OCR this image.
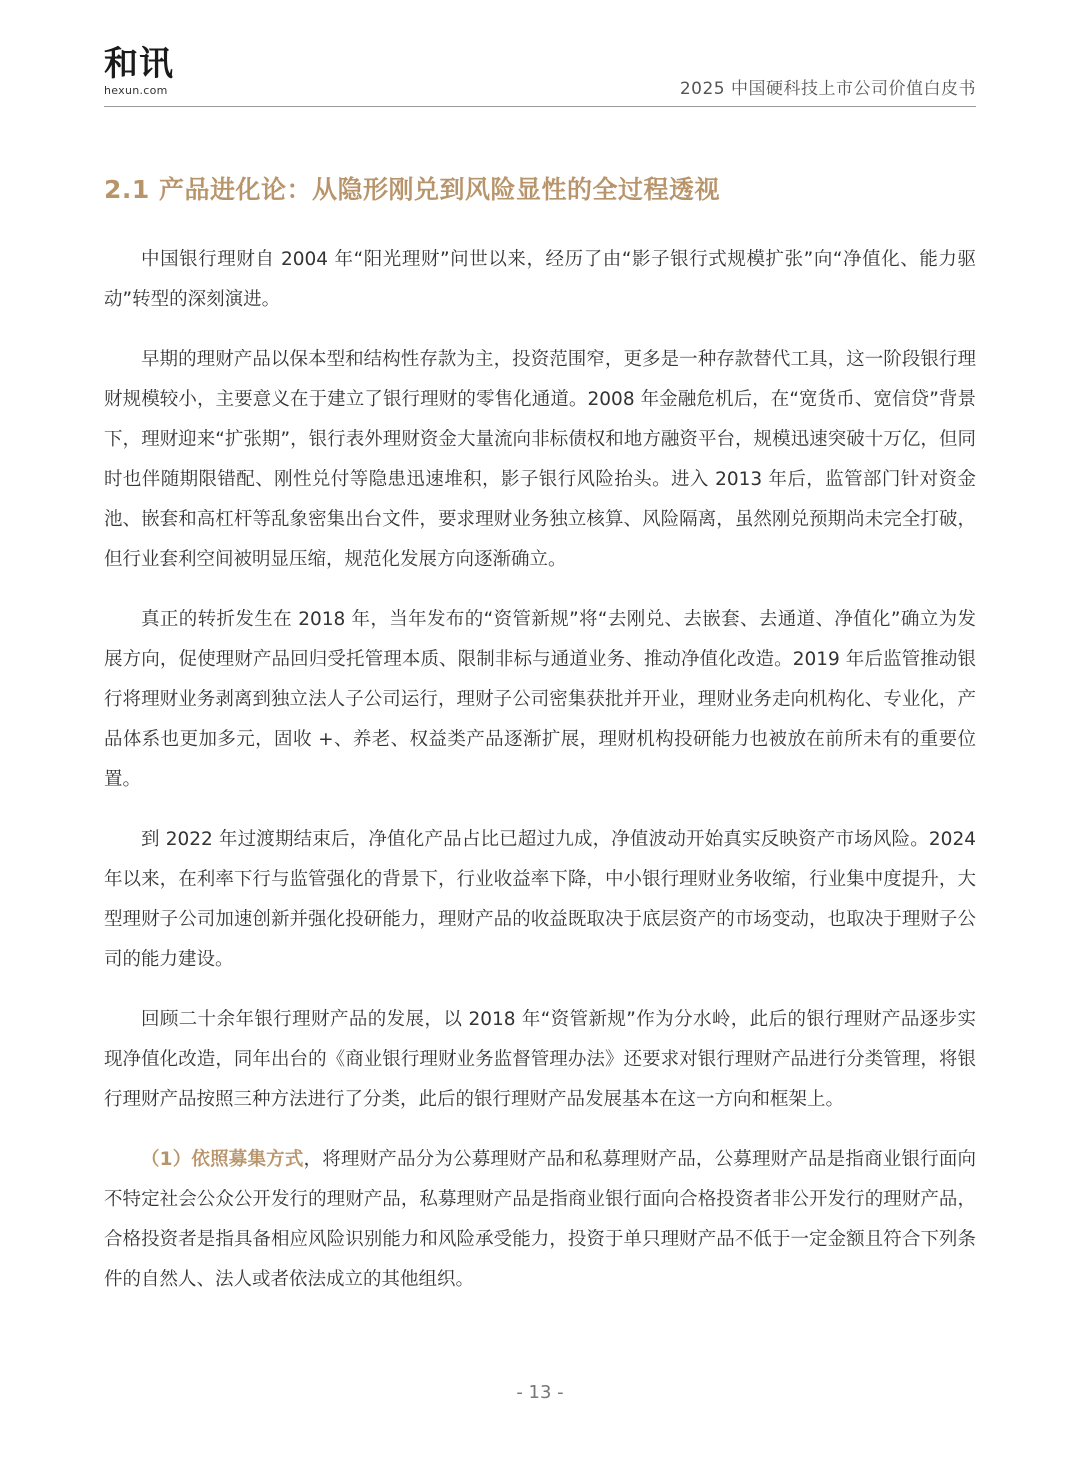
和讯
hexun.com	2025 中国硬科技上市公司价值白皮书
2.1 产品进化论：从隐形刚兑到风险显性的全过程透视

中国银行理财自 2004 年“阳光理财”问世以来，经历了由“影子银行式规模扩张”向“净值化、能力驱动”转型的深刻演进。

早期的理财产品以保本型和结构性存款为主，投资范围窄，更多是一种存款替代工具，这一阶段银行理财规模较小，主要意义在于建立了银行理财的零售化通道。2008 年金融危机后，在“宽货币、宽信贷”背景下，理财迎来“扩张期”，银行表外理财资金大量流向非标债权和地方融资平台，规模迅速突破十万亿，但同时也伴随期限错配、刚性兑付等隐患迅速堆积，影子银行风险抬头。进入 2013 年后，监管部门针对资金池、嵌套和高杠杆等乱象密集出台文件，要求理财业务独立核算、风险隔离，虽然刚兑预期尚未完全打破，但行业套利空间被明显压缩，规范化发展方向逐渐确立。

真正的转折发生在 2018 年，当年发布的“资管新规”将“去刚兑、去嵌套、去通道、净值化”确立为发展方向，促使理财产品回归受托管理本质、限制非标与通道业务、推动净值化改造。2019 年后监管推动银行将理财业务剥离到独立法人子公司运行，理财子公司密集获批并开业，理财业务走向机构化、专业化，产品体系也更加多元，固收 +、养老、权益类产品逐渐扩展，理财机构投研能力也被放在前所未有的重要位置。

到 2022 年过渡期结束后，净值化产品占比已超过九成，净值波动开始真实反映资产市场风险。2024 年以来，在利率下行与监管强化的背景下，行业收益率下降，中小银行理财业务收缩，行业集中度提升，大型理财子公司加速创新并强化投研能力，理财产品的收益既取决于底层资产的市场变动，也取决于理财子公司的能力建设。

回顾二十余年银行理财产品的发展，以 2018 年“资管新规”作为分水岭，此后的银行理财产品逐步实现净值化改造，同年出台的《商业银行理财业务监督管理办法》还要求对银行理财产品进行分类管理，将银行理财产品按照三种方法进行了分类，此后的银行理财产品发展基本在这一方向和框架上。

（1）依照募集方式，将理财产品分为公募理财产品和私募理财产品，公募理财产品是指商业银行面向不特定社会公众公开发行的理财产品，私募理财产品是指商业银行面向合格投资者非公开发行的理财产品，合格投资者是指具备相应风险识别能力和风险承受能力，投资于单只理财产品不低于一定金额且符合下列条件的自然人、法人或者依法成立的其他组织。

- 13 -
